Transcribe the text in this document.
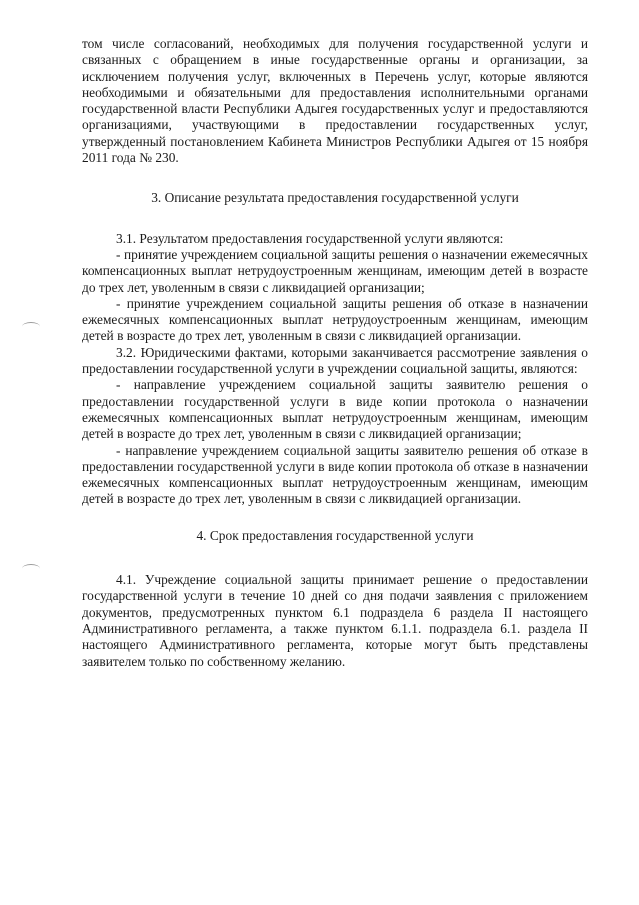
том числе согласований, необходимых для получения государственной услуги и связанных с обращением в иные государственные органы и организации, за исключением получения услуг, включенных в Перечень услуг, которые являются необходимыми и обязательными для предоставления исполнительными органами государственной власти Республики Адыгея государственных услуг и предоставляются организациями, участвующими в предоставлении государственных услуг, утвержденный постановлением Кабинета Министров Республики Адыгея от 15 ноября 2011 года № 230.

3. Описание результата предоставления государственной услуги

3.1. Результатом предоставления государственной услуги являются:

- принятие учреждением социальной защиты решения о назначении ежемесячных компенсационных выплат нетрудоустроенным женщинам, имеющим детей в возрасте до трех лет, уволенным в связи с ликвидацией организации;

- принятие учреждением социальной защиты решения об отказе в назначении ежемесячных компенсационных выплат нетрудоустроенным женщинам, имеющим детей в возрасте до трех лет, уволенным в связи с ликвидацией организации.

3.2. Юридическими фактами, которыми заканчивается рассмотрение заявления о предоставлении государственной услуги в учреждении социальной защиты, являются:

- направление учреждением социальной защиты заявителю решения о предоставлении государственной услуги в виде копии протокола о назначении ежемесячных компенсационных выплат нетрудоустроенным женщинам, имеющим детей в возрасте до трех лет, уволенным в связи с ликвидацией организации;

- направление учреждением социальной защиты заявителю решения об отказе в предоставлении государственной услуги в виде копии протокола об отказе в назначении ежемесячных компенсационных выплат нетрудоустроенным женщинам, имеющим детей в возрасте до трех лет, уволенным в связи с ликвидацией организации.

4. Срок предоставления государственной услуги

4.1. Учреждение социальной защиты принимает решение о предоставлении государственной услуги в течение 10 дней со дня подачи заявления с приложением документов, предусмотренных пунктом 6.1 подраздела 6 раздела II настоящего Административного регламента, а также пунктом 6.1.1. подраздела 6.1. раздела II настоящего Административного регламента, которые могут быть представлены заявителем только по собственному желанию.
